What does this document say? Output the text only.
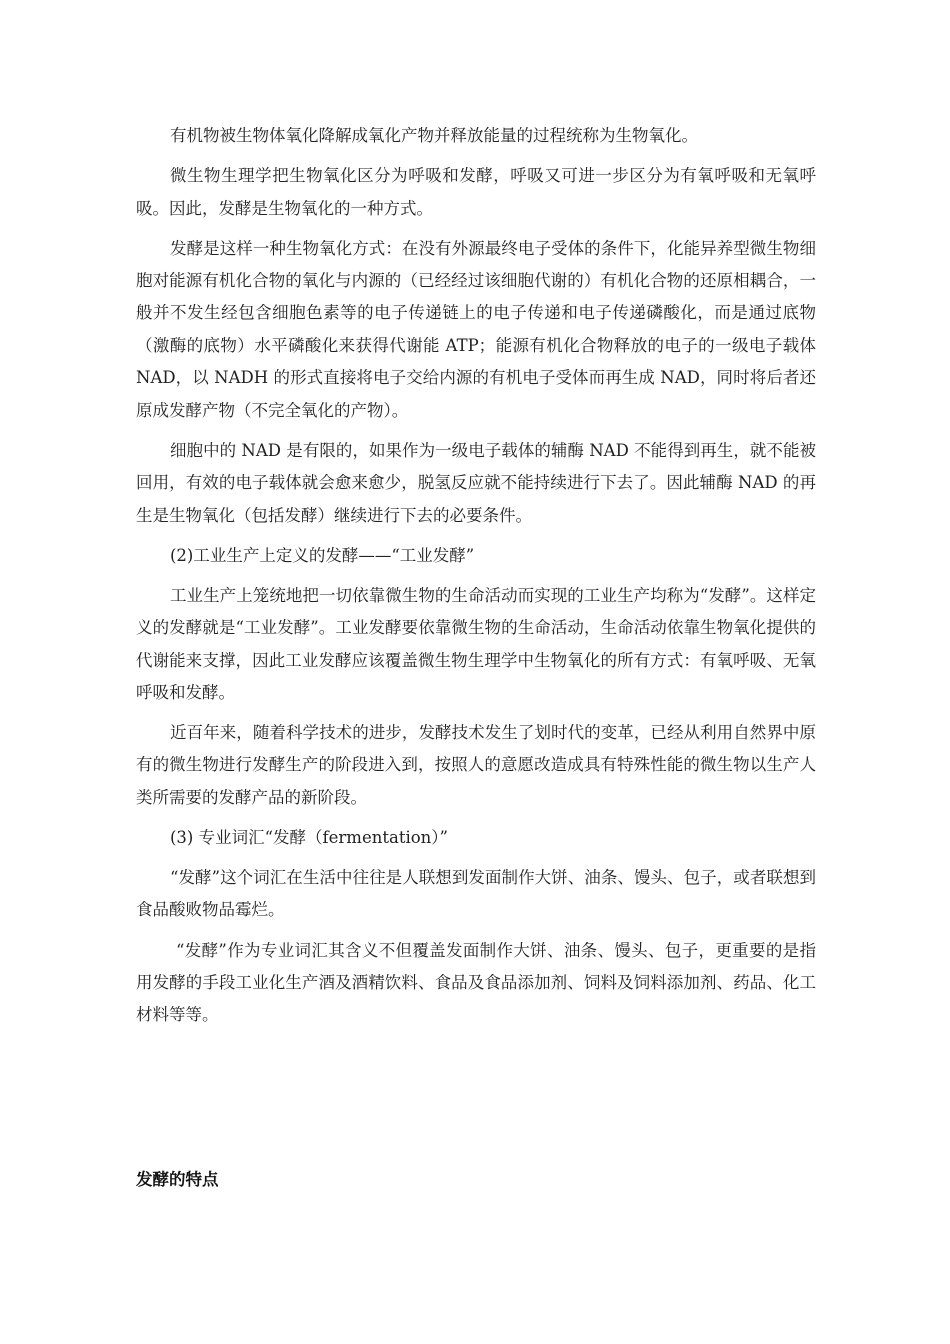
有机物被生物体氧化降解成氧化产物并释放能量的过程统称为生物氧化。

微生物生理学把生物氧化区分为呼吸和发酵，呼吸又可进一步区分为有氧呼吸和无氧呼吸。因此，发酵是生物氧化的一种方式。

发酵是这样一种生物氧化方式：在没有外源最终电子受体的条件下，化能异养型微生物细胞对能源有机化合物的氧化与内源的（已经经过该细胞代谢的）有机化合物的还原相耦合，一般并不发生经包含细胞色素等的电子传递链上的电子传递和电子传递磷酸化，而是通过底物（激酶的底物）水平磷酸化来获得代谢能 ATP；能源有机化合物释放的电子的一级电子载体 NAD，以 NADH 的形式直接将电子交给内源的有机电子受体而再生成 NAD，同时将后者还原成发酵产物（不完全氧化的产物）。

细胞中的 NAD 是有限的，如果作为一级电子载体的辅酶 NAD 不能得到再生，就不能被回用，有效的电子载体就会愈来愈少，脱氢反应就不能持续进行下去了。因此辅酶 NAD 的再生是生物氧化（包括发酵）继续进行下去的必要条件。

(2)工业生产上定义的发酵——“工业发酵”

工业生产上笼统地把一切依靠微生物的生命活动而实现的工业生产均称为“发酵”。这样定义的发酵就是“工业发酵”。工业发酵要依靠微生物的生命活动，生命活动依靠生物氧化提供的代谢能来支撑，因此工业发酵应该覆盖微生物生理学中生物氧化的所有方式：有氧呼吸、无氧呼吸和发酵。

近百年来，随着科学技术的进步，发酵技术发生了划时代的变革，已经从利用自然界中原有的微生物进行发酵生产的阶段进入到，按照人的意愿改造成具有特殊性能的微生物以生产人类所需要的发酵产品的新阶段。

(3) 专业词汇“发酵（fermentation）”

“发酵”这个词汇在生活中往往是人联想到发面制作大饼、油条、馒头、包子，或者联想到食品酸败物品霉烂。

“发酵”作为专业词汇其含义不但覆盖发面制作大饼、油条、馒头、包子，更重要的是指用发酵的手段工业化生产酒及酒精饮料、食品及食品添加剂、饲料及饲料添加剂、药品、化工材料等等。

发酵的特点
